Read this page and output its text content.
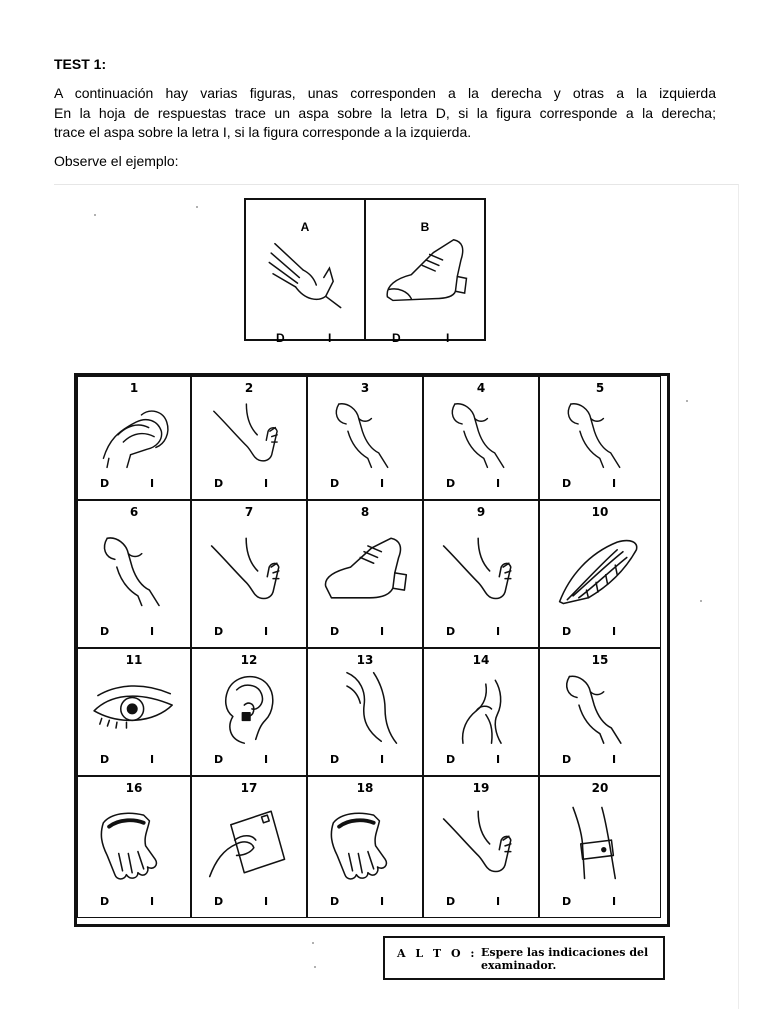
TEST 1:

A continuación hay varias figuras, unas corresponden a la derecha y otras a la izquierda

En la hoja de respuestas trace un aspa sobre la letra D, si la figura corresponde a la derecha;

trace el aspa sobre la letra I, si la figura corresponde a la izquierda.

Observe el ejemplo:
A
D	I
B
D	I
1
D	I
2
D	I
3
D	I
4
D	I
5
D	I
6
D	I
7
D	I
8
D	I
9
D	I
10
D	I
11
D	I
12
D	I
13
D	I
14
D	I
15
D	I
16
D	I
17
D	I
18
D	I
19
D	I
20
D	I
A L T O : Espere las indicaciones del examinador.
